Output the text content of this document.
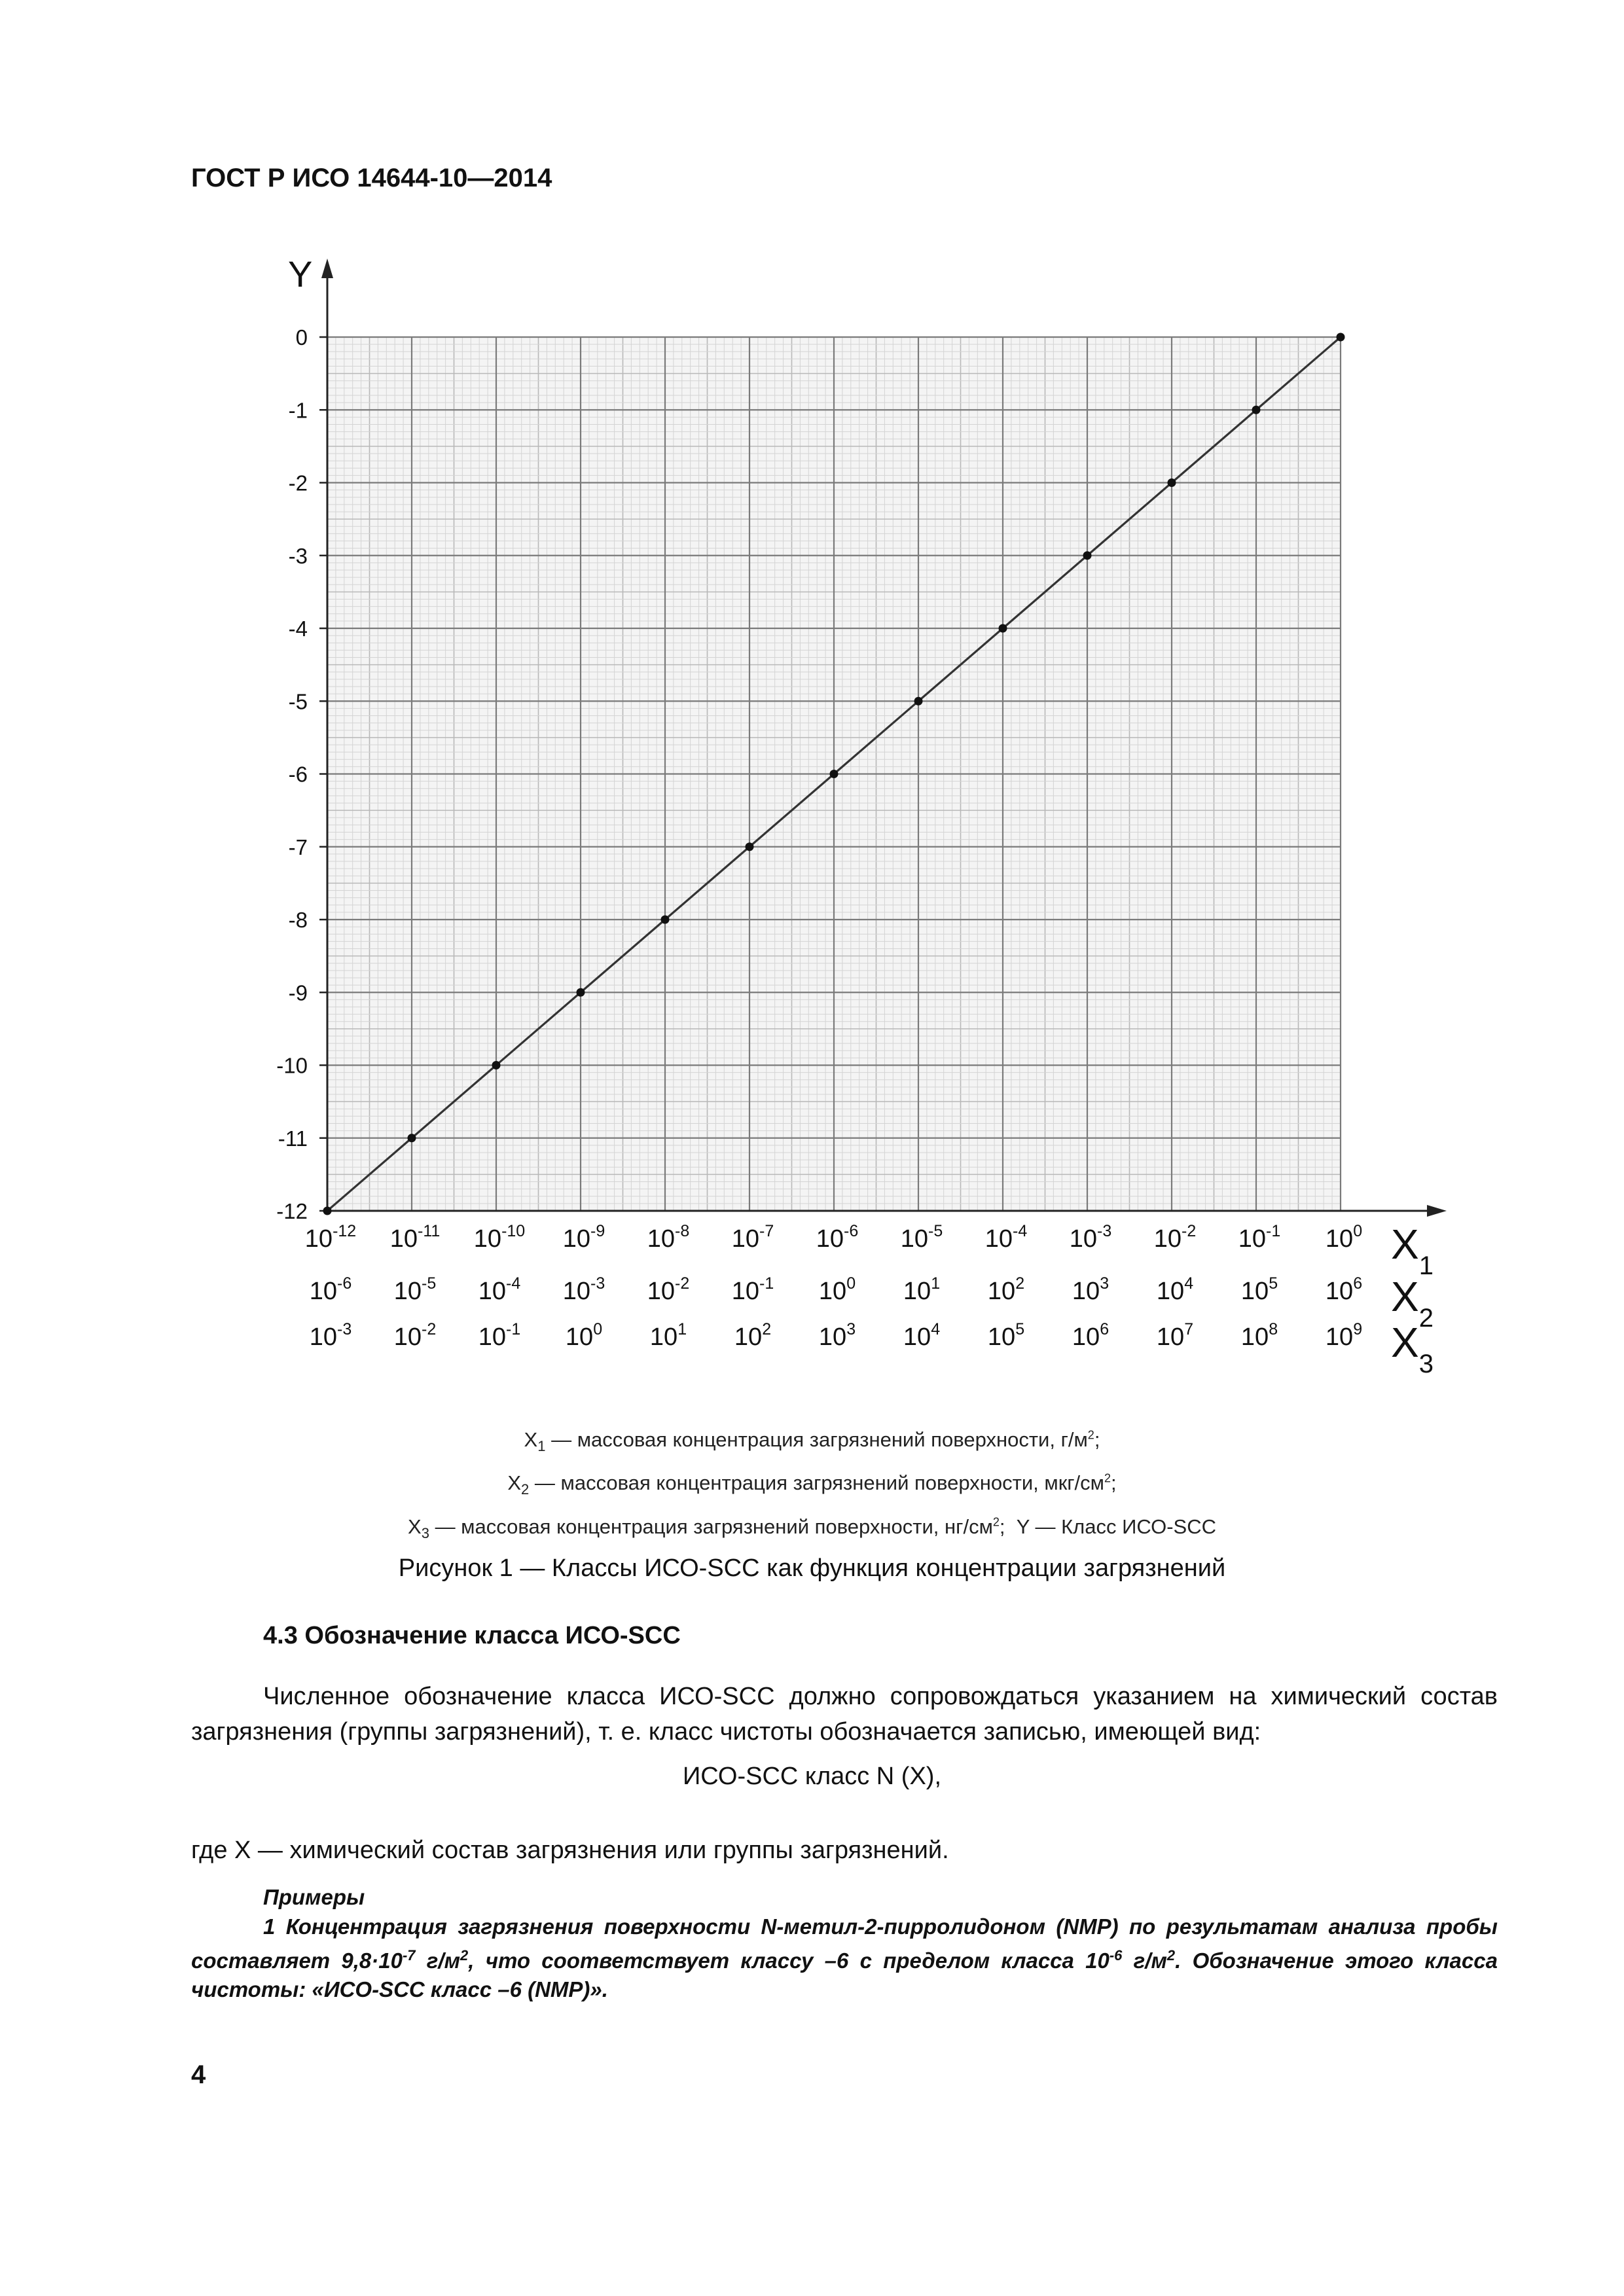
ГОСТ Р ИСО 14644-10—2014
Y
0
-1
-2
-3
-4
-5
-6
-7
-8
-9
-10
-11
-12
$10^{-12}$ $10^{-11}$ $10^{-10}$ $10^{-9}$ $10^{-8}$ $10^{-7}$ $10^{-6}$ $10^{-5}$ $10^{-4}$ $10^{-3}$ $10^{-2}$ $10^{-1}$ $10^0$ $X_1$
$10^{-6}$ $10^{-5}$ $10^{-4}$ $10^{-3}$ $10^{-2}$ $10^{-1}$ $10^0$ $10^1$ $10^2$ $10^3$ $10^4$ $10^5$ $10^6$ $X_2$
$10^{-3}$ $10^{-2}$ $10^{-1}$ $10^0$ $10^1$ $10^2$ $10^3$ $10^4$ $10^5$ $10^6$ $10^7$ $10^8$ $10^9$ $X_3$
$X_1$ — массовая концентрация загрязнений поверхности, $г/м^2$;
$X_2$ — массовая концентрация загрязнений поверхности, мкг/$см^2$;
$X_3$ — массовая концентрация загрязнений поверхности, $нг/см^2$; Y — Класс ИСО-SCC
Рисунок 1 — Классы ИСО-SCC как функция концентрации загрязнений
4.3 Обозначение класса ИСО-SCC
Численное обозначение класса ИСО-SCC должно сопровождаться указанием на химический состав загрязнения (группы загрязнений), т. е. класс чистоты обозначается записью, имеющей вид:
ИСО-SCC класс N (X),
где X — химический состав загрязнения или группы загрязнений.
Примеры
1 Концентрация загрязнения поверхности N-метил-2-пирролидоном (NMP) по результатам анализа пробы составляет $9,8\cdot 10^{-7}$ $г/м^2$, что соответствует классу –6 с пределом класса $10^{-6}$ $г/м^2$. Обозначение этого класса чистоты: «ИСО-SCC класс –6 (NMP)».
4
